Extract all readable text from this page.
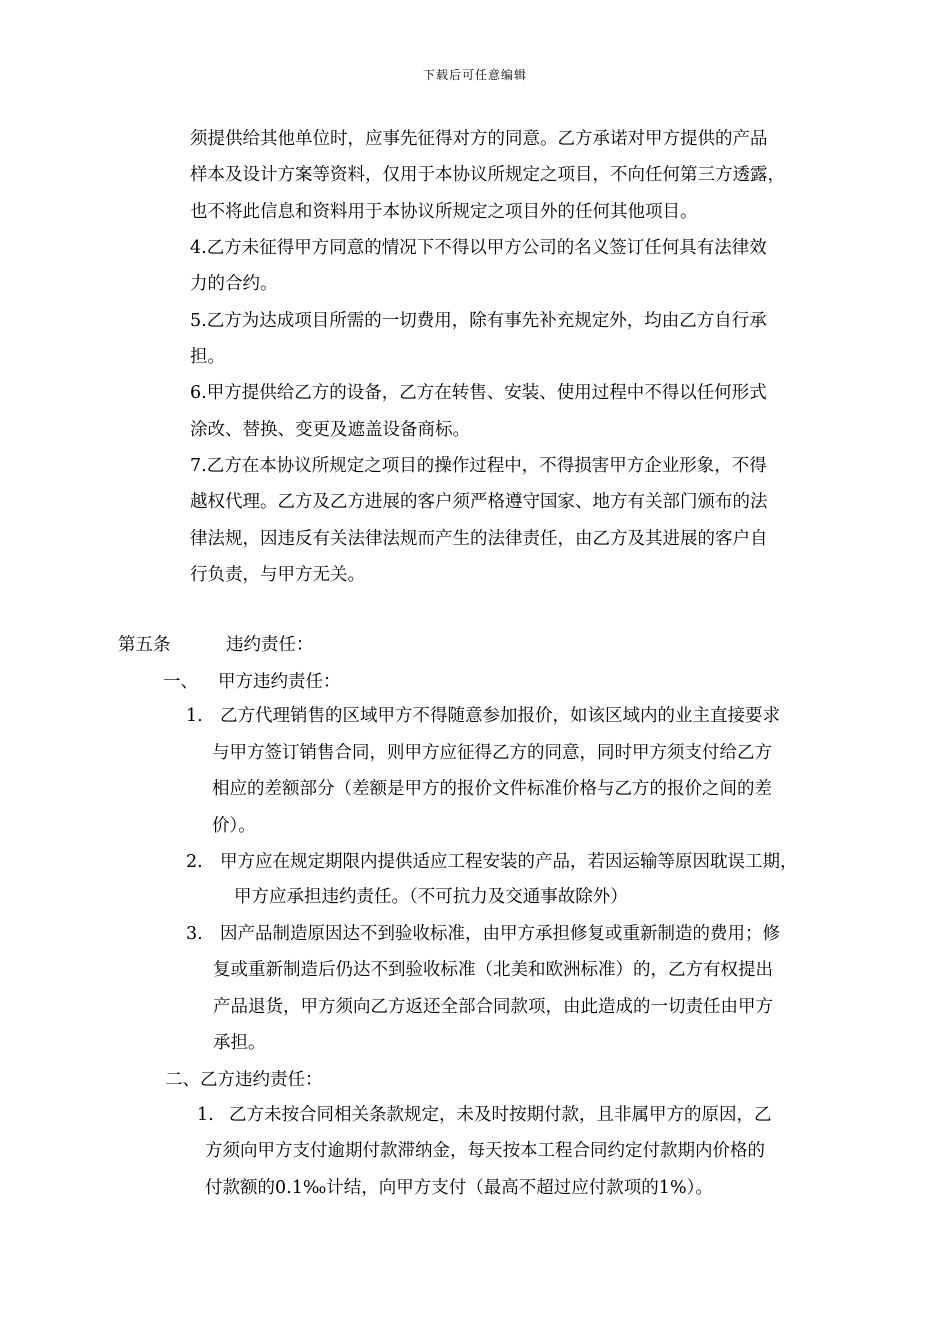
下载后可任意编辑
须提供给其他单位时，应事先征得对方的同意。乙方承诺对甲方提供的产品
样本及设计方案等资料，仅用于本协议所规定之项目，不向任何第三方透露，
也不将此信息和资料用于本协议所规定之项目外的任何其他项目。
4.乙方未征得甲方同意的情况下不得以甲方公司的名义签订任何具有法律效
力的合约。
5.乙方为达成项目所需的一切费用，除有事先补充规定外，均由乙方自行承
担。
6.甲方提供给乙方的设备，乙方在转售、安装、使用过程中不得以任何形式
涂改、替换、变更及遮盖设备商标。
7.乙方在本协议所规定之项目的操作过程中，不得损害甲方企业形象，不得
越权代理。乙方及乙方进展的客户须严格遵守国家、地方有关部门颁布的法
律法规，因违反有关法律法规而产生的法律责任，由乙方及其进展的客户自
行负责，与甲方无关。
第五条	违约责任：
一、 甲方违约责任：
1. 乙方代理销售的区域甲方不得随意参加报价，如该区域内的业主直接要求
与甲方签订销售合同，则甲方应征得乙方的同意，同时甲方须支付给乙方
相应的差额部分（差额是甲方的报价文件标准价格与乙方的报价之间的差
价）。
2. 甲方应在规定期限内提供适应工程安装的产品，若因运输等原因耽误工期，
甲方应承担违约责任。（不可抗力及交通事故除外）
3. 因产品制造原因达不到验收标准，由甲方承担修复或重新制造的费用；修
复或重新制造后仍达不到验收标准（北美和欧洲标准）的，乙方有权提出
产品退货，甲方须向乙方返还全部合同款项，由此造成的一切责任由甲方
承担。
二、乙方违约责任：
1. 乙方未按合同相关条款规定，未及时按期付款，且非属甲方的原因，乙
方须向甲方支付逾期付款滞纳金，每天按本工程合同约定付款期内价格的
付款额的0.1‰计结，向甲方支付（最高不超过应付款项的1%）。
